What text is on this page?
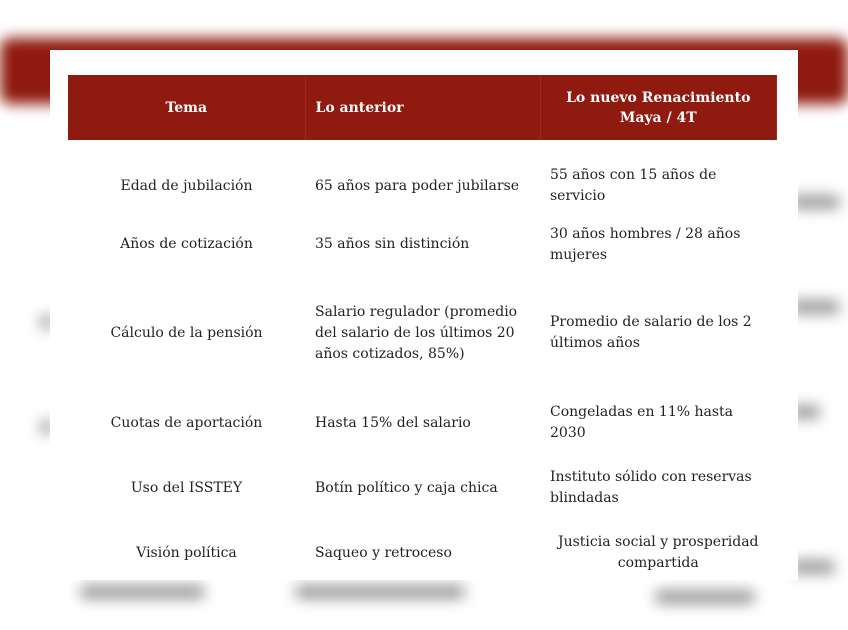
Tema	Lo anterior	Lo nuevo Renacimiento Maya / 4T
Edad de jubilación	65 años para poder jubilarse	55 años con 15 años de servicio
Años de cotización	35 años sin distinción	30 años hombres / 28 años mujeres
Cálculo de la pensión	Salario regulador (promedio del salario de los últimos 20 años cotizados, 85%)	Promedio de salario de los 2 últimos años
Cuotas de aportación	Hasta 15% del salario	Congeladas en 11% hasta 2030
Uso del ISSTEY	Botín político y caja chica	Instituto sólido con reservas blindadas
Visión política	Saqueo y retroceso	Justicia social y prosperidad compartida
